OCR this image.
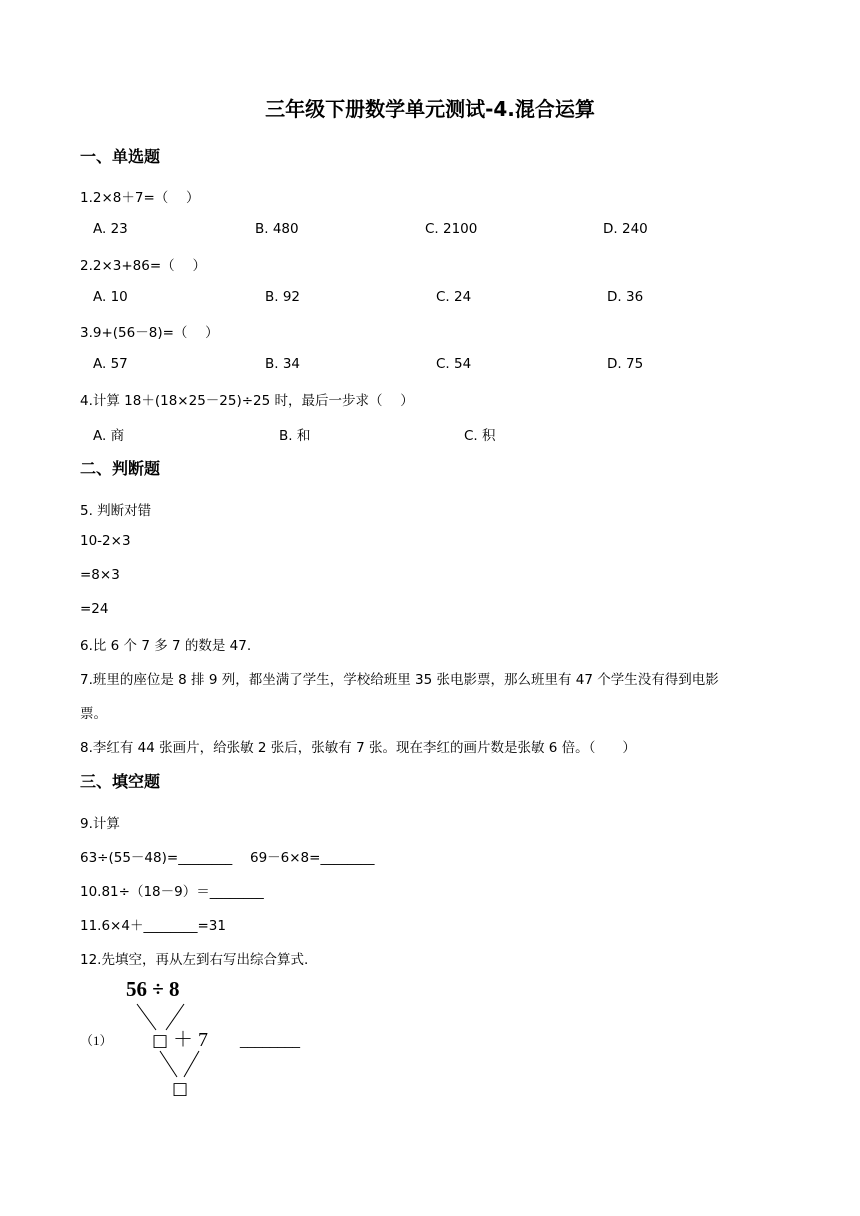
三年级下册数学单元测试-4.混合运算
一、单选题
1.2×8＋7=（　 ）
A. 23	B. 480	C. 2100	D. 240
2.2×3+86=（　 ）
A. 10	B. 92	C. 24	D. 36
3.9+(56－8)=（　 ）
A. 57	B. 34	C. 54	D. 75
4.计算 18＋(18×25－25)÷25 时，最后一步求（　 ）
A. 商	B. 和	C. 积
二、判断题
5. 判断对错
10-2×3
=8×3
=24
6.比 6 个 7 多 7 的数是 47.
7.班里的座位是 8 排 9 列，都坐满了学生，学校给班里 35 张电影票，那么班里有 47 个学生没有得到电影
票。
8.李红有 44 张画片，给张敏 2 张后，张敏有 7 张。现在李红的画片数是张敏 6 倍。（　　）
三、填空题
9.计算
63÷(55－48)=________　 69－6×8=________
10.81÷（18－9）＝________
11.6×4＋________=31
12.先填空，再从左到右写出综合算式.
（1）
56 ÷ 8
□ ＋ 7 ________
□
